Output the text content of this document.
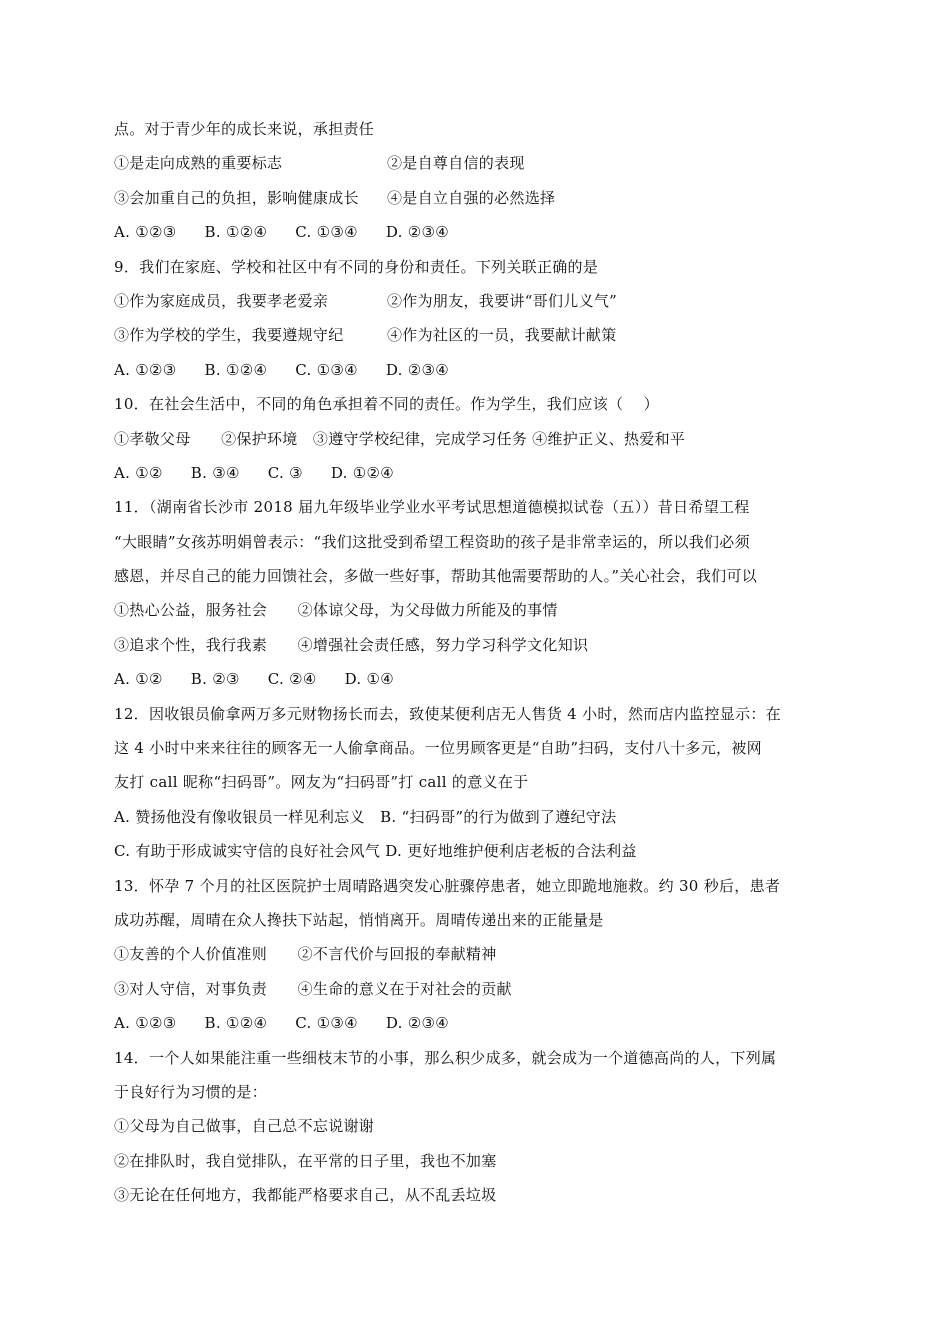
点。对于青少年的成长来说，承担责任
①是走向成熟的重要标志	②是自尊自信的表现
③会加重自己的负担，影响健康成长 ④是自立自强的必然选择
A. ①②③ B. ①②④ C. ①③④ D. ②③④
9．我们在家庭、学校和社区中有不同的身份和责任。下列关联正确的是
①作为家庭成员，我要孝老爱亲	②作为朋友，我要讲“哥们儿义气”
③作为学校的学生，我要遵规守纪	④作为社区的一员，我要献计献策
A. ①②③ B. ①②④ C. ①③④ D. ②③④
10．在社会生活中，不同的角色承担着不同的责任。作为学生，我们应该（　 ）
①孝敬父母　　②保护环境　③遵守学校纪律，完成学习任务 ④维护正义、热爱和平
A. ①② B. ③④ C. ③ D. ①②④
11．（湖南省长沙市 2018 届九年级毕业学业水平考试思想道德模拟试卷（五））昔日希望工程
“大眼睛”女孩苏明娟曾表示：“我们这批受到希望工程资助的孩子是非常幸运的，所以我们必须
感恩，并尽自己的能力回馈社会，多做一些好事，帮助其他需要帮助的人。”关心社会，我们可以
①热心公益，服务社会　　②体谅父母，为父母做力所能及的事情
③追求个性，我行我素　　④增强社会责任感，努力学习科学文化知识
A. ①② B. ②③ C. ②④ D. ①④
12．因收银员偷拿两万多元财物扬长而去，致使某便利店无人售货 4 小时，然而店内监控显示：在
这 4 小时中来来往往的顾客无一人偷拿商品。一位男顾客更是“自助”扫码，支付八十多元，被网
友打 call 昵称“扫码哥”。网友为“扫码哥”打 call 的意义在于
A. 赞扬他没有像收银员一样见利忘义　B. “扫码哥”的行为做到了遵纪守法
C. 有助于形成诚实守信的良好社会风气 D. 更好地维护便利店老板的合法利益
13．怀孕 7 个月的社区医院护士周晴路遇突发心脏骤停患者，她立即跪地施救。约 30 秒后，患者
成功苏醒，周晴在众人搀扶下站起，悄悄离开。周晴传递出来的正能量是
①友善的个人价值准则　　②不言代价与回报的奉献精神
③对人守信，对事负责　　④生命的意义在于对社会的贡献
A. ①②③ B. ①②④ C. ①③④ D. ②③④
14．一个人如果能注重一些细枝末节的小事，那么积少成多，就会成为一个道德高尚的人，下列属
于良好行为习惯的是：
①父母为自己做事，自己总不忘说谢谢
②在排队时，我自觉排队，在平常的日子里，我也不加塞
③无论在任何地方，我都能严格要求自己，从不乱丢垃圾
